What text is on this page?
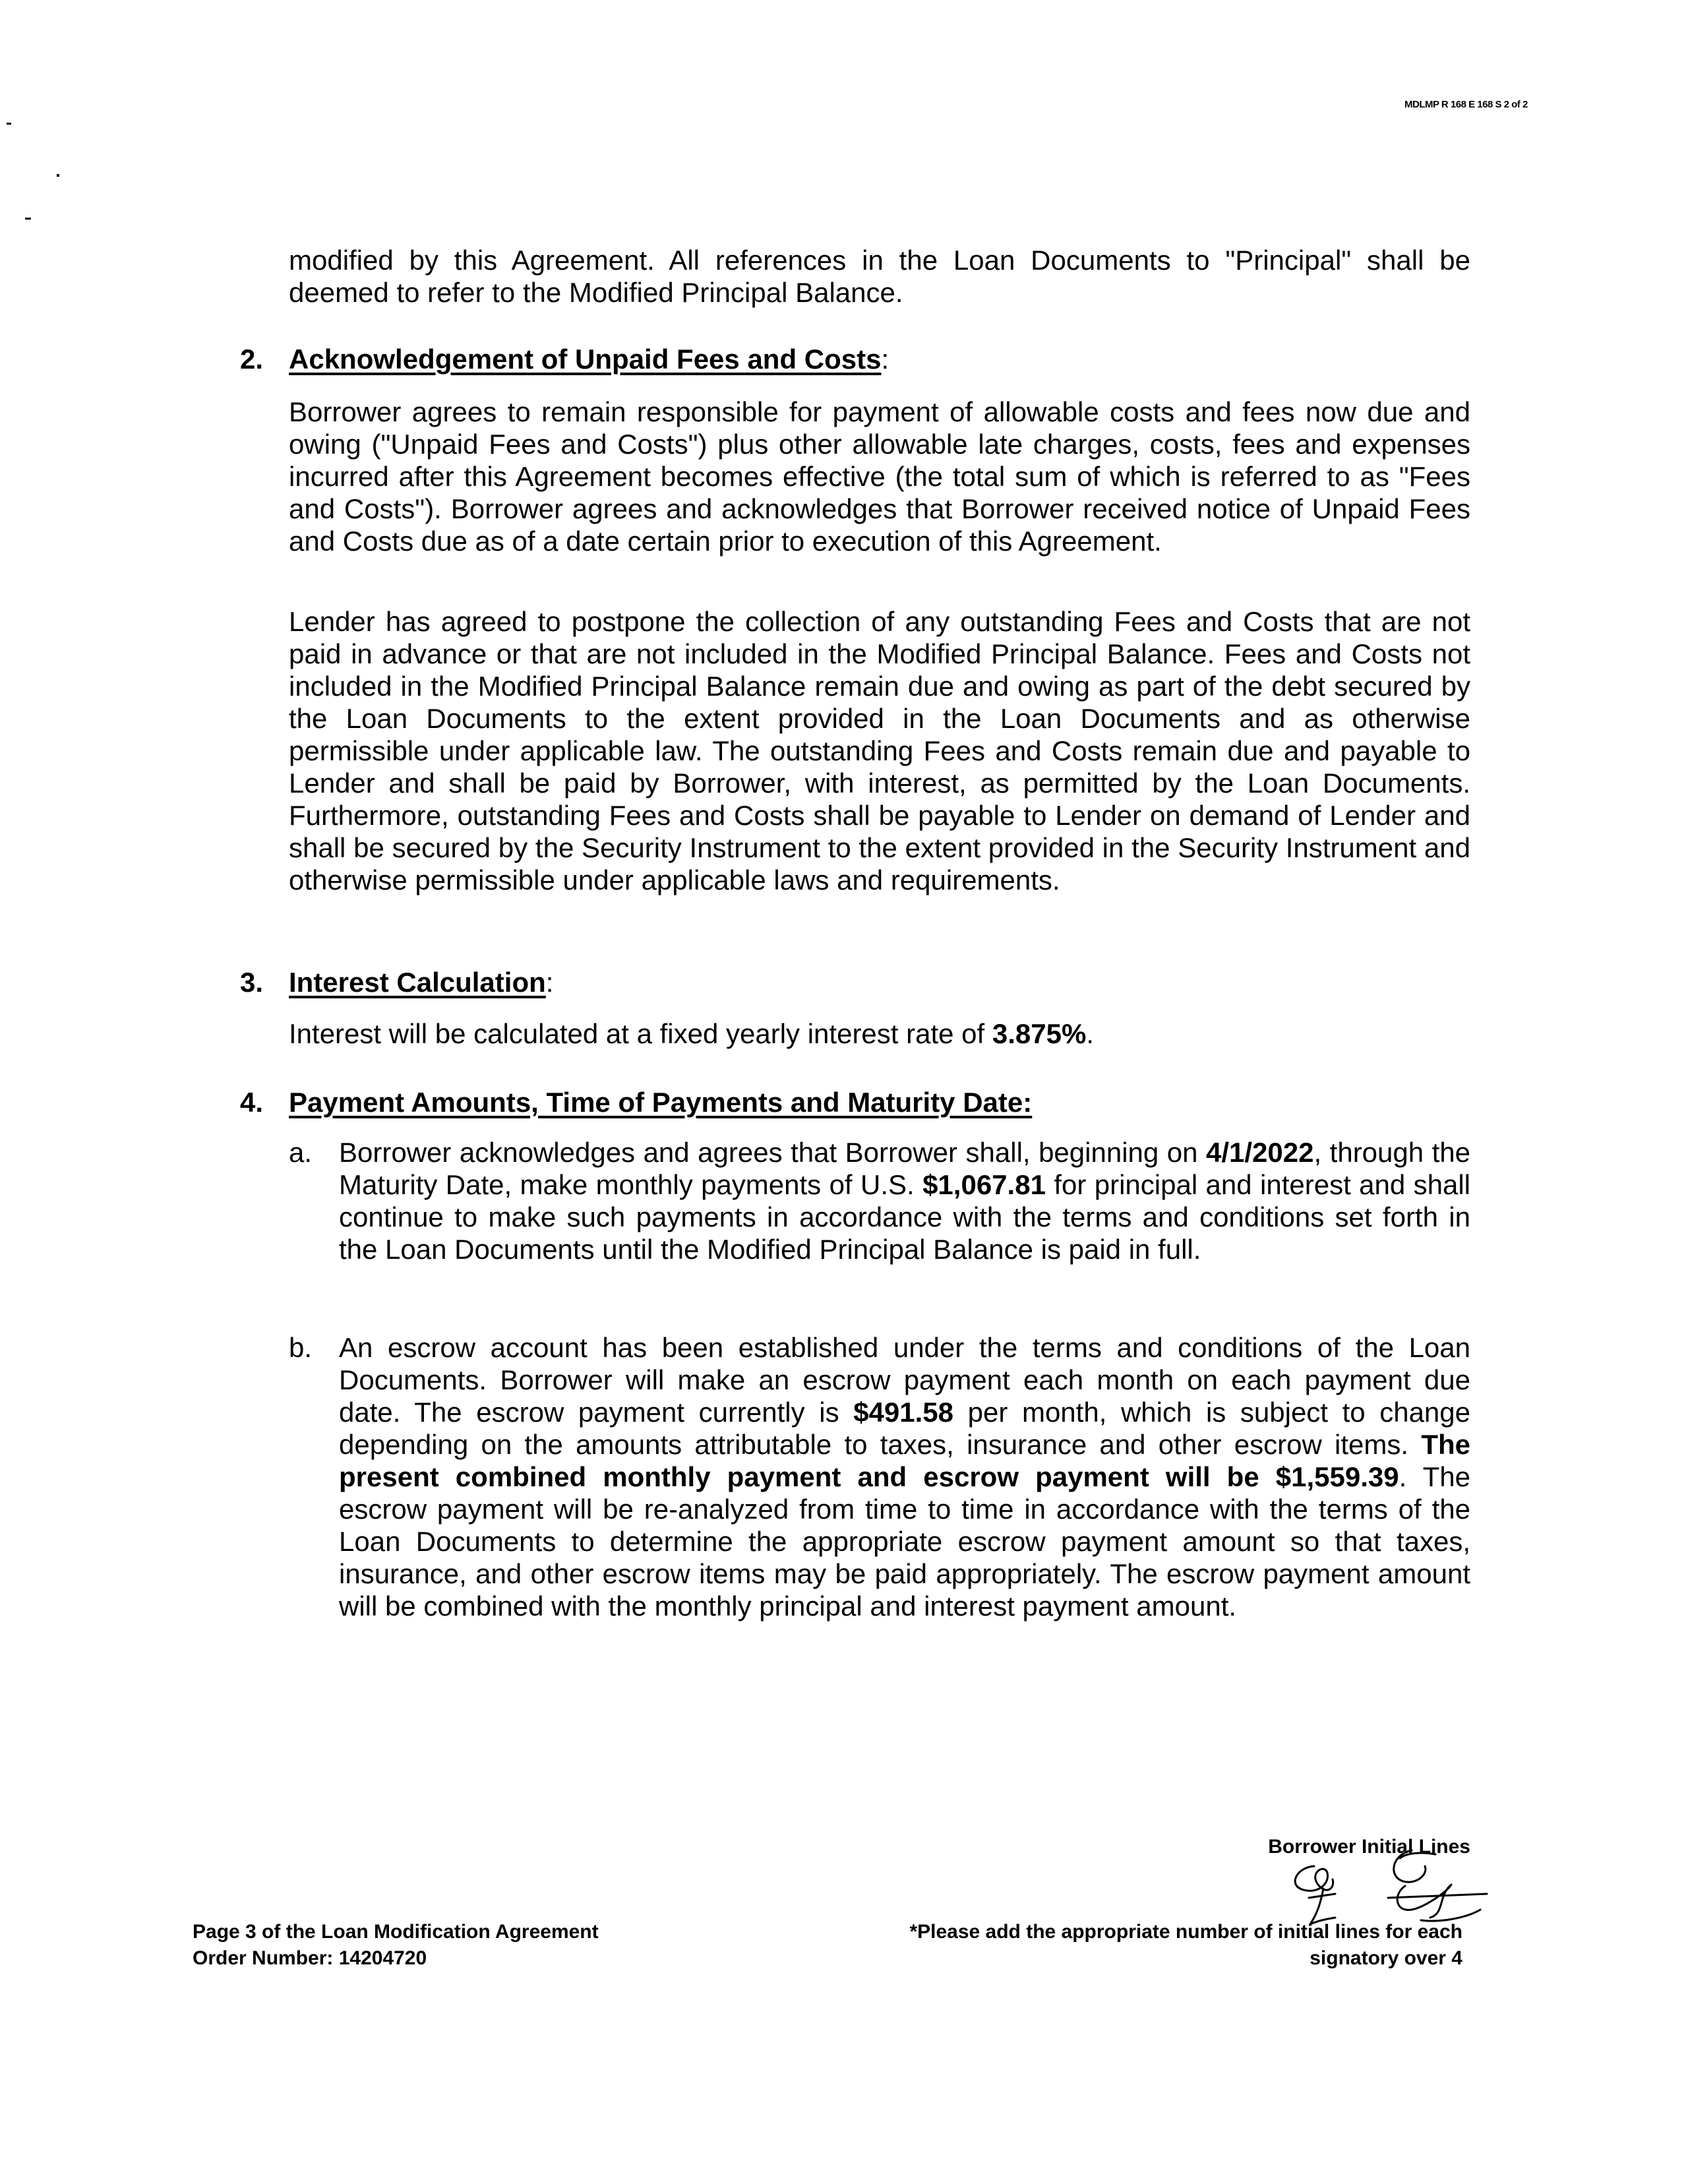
MDLMP R 168 E 168 S 2 of 2

modified by this Agreement. All references in the Loan Documents to "Principal" shall be deemed to refer to the Modified Principal Balance.

2. Acknowledgement of Unpaid Fees and Costs:

Borrower agrees to remain responsible for payment of allowable costs and fees now due and owing ("Unpaid Fees and Costs") plus other allowable late charges, costs, fees and expenses incurred after this Agreement becomes effective (the total sum of which is referred to as "Fees and Costs"). Borrower agrees and acknowledges that Borrower received notice of Unpaid Fees and Costs due as of a date certain prior to execution of this Agreement.

Lender has agreed to postpone the collection of any outstanding Fees and Costs that are not paid in advance or that are not included in the Modified Principal Balance. Fees and Costs not included in the Modified Principal Balance remain due and owing as part of the debt secured by the Loan Documents to the extent provided in the Loan Documents and as otherwise permissible under applicable law. The outstanding Fees and Costs remain due and payable to Lender and shall be paid by Borrower, with interest, as permitted by the Loan Documents. Furthermore, outstanding Fees and Costs shall be payable to Lender on demand of Lender and shall be secured by the Security Instrument to the extent provided in the Security Instrument and otherwise permissible under applicable laws and requirements.

3. Interest Calculation:

Interest will be calculated at a fixed yearly interest rate of 3.875%.

4. Payment Amounts, Time of Payments and Maturity Date:
a. Borrower acknowledges and agrees that Borrower shall, beginning on 4/1/2022, through the Maturity Date, make monthly payments of U.S. $1,067.81 for principal and interest and shall continue to make such payments in accordance with the terms and conditions set forth in the Loan Documents until the Modified Principal Balance is paid in full.

b. An escrow account has been established under the terms and conditions of the Loan Documents. Borrower will make an escrow payment each month on each payment due date. The escrow payment currently is $491.58 per month, which is subject to change depending on the amounts attributable to taxes, insurance and other escrow items. The present combined monthly payment and escrow payment will be $1,559.39. The escrow payment will be re-analyzed from time to time in accordance with the terms of the Loan Documents to determine the appropriate escrow payment amount so that taxes, insurance, and other escrow items may be paid appropriately. The escrow payment amount will be combined with the monthly principal and interest payment amount.

Borrower Initial Lines
Page 3 of the Loan Modification Agreement
Order Number: 14204720
*Please add the appropriate number of initial lines for each
signatory over 4
